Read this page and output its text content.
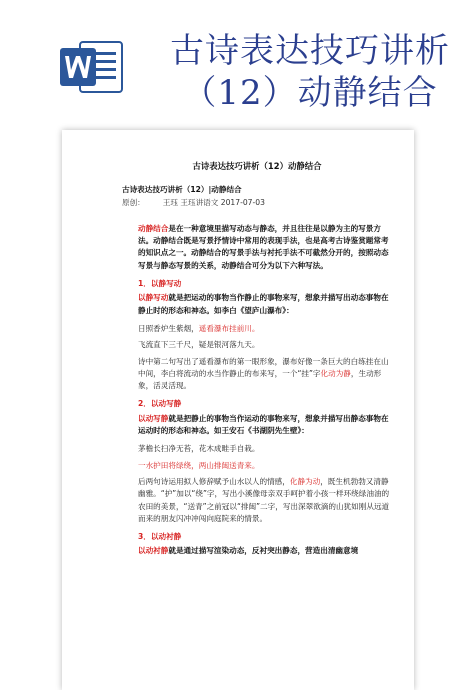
古诗表达技巧讲析（12）动静结合
古诗表达技巧讲析（12）动静结合
古诗表达技巧讲析（12）|动静结合
原创： 王珏 王珏讲语文 2017-07-03

动静结合是在一种意境里描写动态与静态，并且往往是以静为主的写景方法。动静结合既是写景抒情诗中常用的表现手法，也是高考古诗鉴赏题常考的知识点之一。动静结合的写景手法与衬托手法不可截然分开的，按照动态写景与静态写景的关系，动静结合可分为以下六种写法。

1．以静写动

以静写动就是把运动的事物当作静止的事物来写，想象并描写出动态事物在静止时的形态和神态。如李白《望庐山瀑布》：

日照香炉生紫烟，遥看瀑布挂前川。
飞流直下三千尺，疑是银河落九天。

诗中第二句写出了遥看瀑布的第一眼形象，瀑布好像一条巨大的白练挂在山中间，李白将流动的水当作静止的布来写，一个“挂”字化动为静，生动形象，活灵活现。

2．以动写静

以动写静就是把静止的事物当作运动的事物来写，想象并描写出静态事物在运动时的形态和神态。如王安石《书湖阴先生壁》：

茅檐长扫净无苔，花木成畦手自栽。
一水护田将绿绕，两山排闼送青来。

后两句诗运用拟人修辞赋予山水以人的情感，化静为动，既生机勃勃又清静幽雅。“护”加以“绕”字，写出小溪像母亲双手呵护着小孩一样环绕绿油油的农田的美景，“送青”之前冠以“排闼”二字，写出深翠欲滴的山犹如刚从远道而来的朋友闪冲冲闯向庭院来的情景。

3．以动衬静

以动衬静就是通过描写渲染动态，反衬突出静态，营造出清幽意境
